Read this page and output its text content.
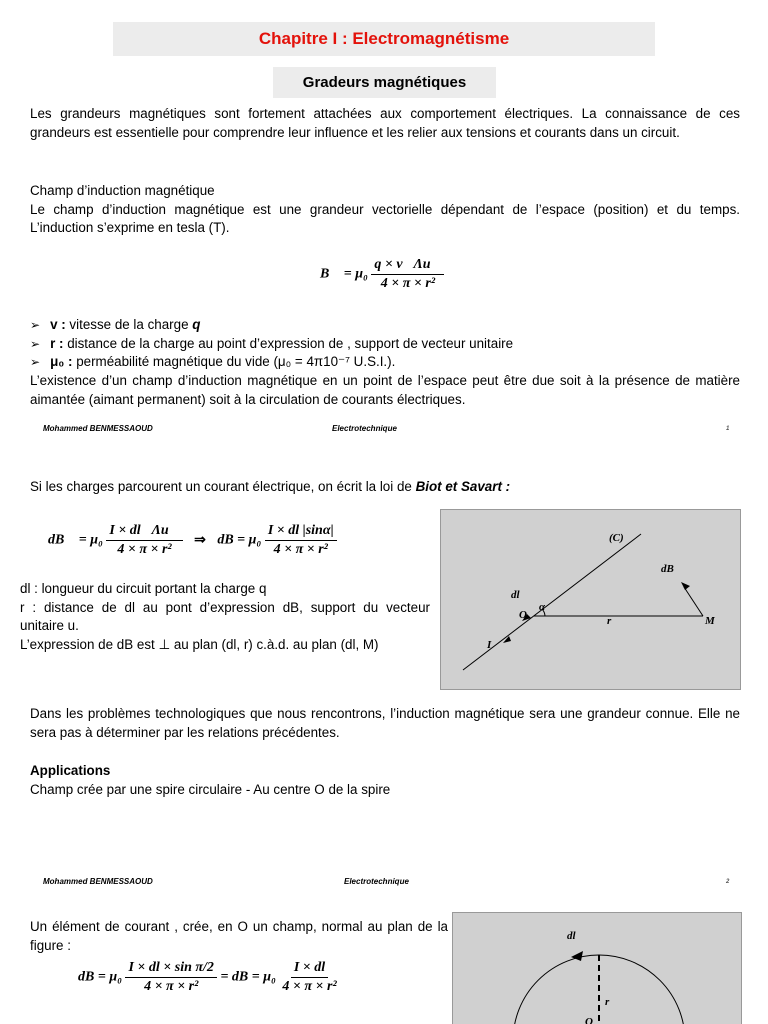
Chapitre I : Electromagnétisme
Gradeurs magnétiques
Les grandeurs magnétiques sont fortement attachées aux comportement électriques. La connaissance de ces grandeurs est essentielle pour comprendre leur influence et les relier aux tensions et courants dans un circuit.
Champ d’induction magnétique
Le champ d’induction magnétique est une grandeur vectorielle dépendant de l’espace (position) et du temps. L’induction s’exprime en tesla (T).
B⃗ = $\mu_0 \frac{q \times v⃗\Lambda u⃗}{\text{4 × π × r²}}$
➢ v : vitesse de la charge q
➢ r : distance de la charge au point d’expression de , support de vecteur unitaire
➢ μ₀ : perméabilité magnétique du vide (μ₀ = 4π10⁻⁷ U.S.I.).
L’existence d’un champ d’induction magnétique en un point de l’espace peut être due soit à la présence de matière aimantée (aimant permanent) soit à la circulation de courants électriques.
Mohammed BENMESSAOUD	Electrotechnique	1
Si les charges parcourent un courant électrique, on écrit la loi de Biot et Savart :
dB⃗ = $\mu_0 \frac{I \times dl⃗\Lambda u⃗}{\text{4 × π × r²}}$ ⇒ dB = $\mu_0 \frac{I \times dl |\sin\alpha|}{\text{4 × π × r²}}$
dl : longueur du circuit portant la charge q
r : distance de dl au pont d’expression dB, support du vecteur unitaire u.
L’expression de dB est ⊥ au plan (dl, r) c.à.d. au plan (dl, M)
(C)
dB⃗
dl⃗
O
α
r	M
I
Dans les problèmes technologiques que nous rencontrons, l’induction magnétique sera une grandeur connue. Elle ne sera pas à déterminer par les relations précédentes.
Applications
Champ crée par une spire circulaire - Au centre O de la spire
Mohammed BENMESSAOUD	Electrotechnique	2
Un élément de courant , crée, en O un champ, normal au plan de la figure :
dB = $\mu_0 \frac{\text{I × dl × sin π/2}}{\text{4 × π × r²}}$ = dB = $\mu_0 \frac{I \times dl}{\text{4 × π × r²}}$
dl⃗
r
O
